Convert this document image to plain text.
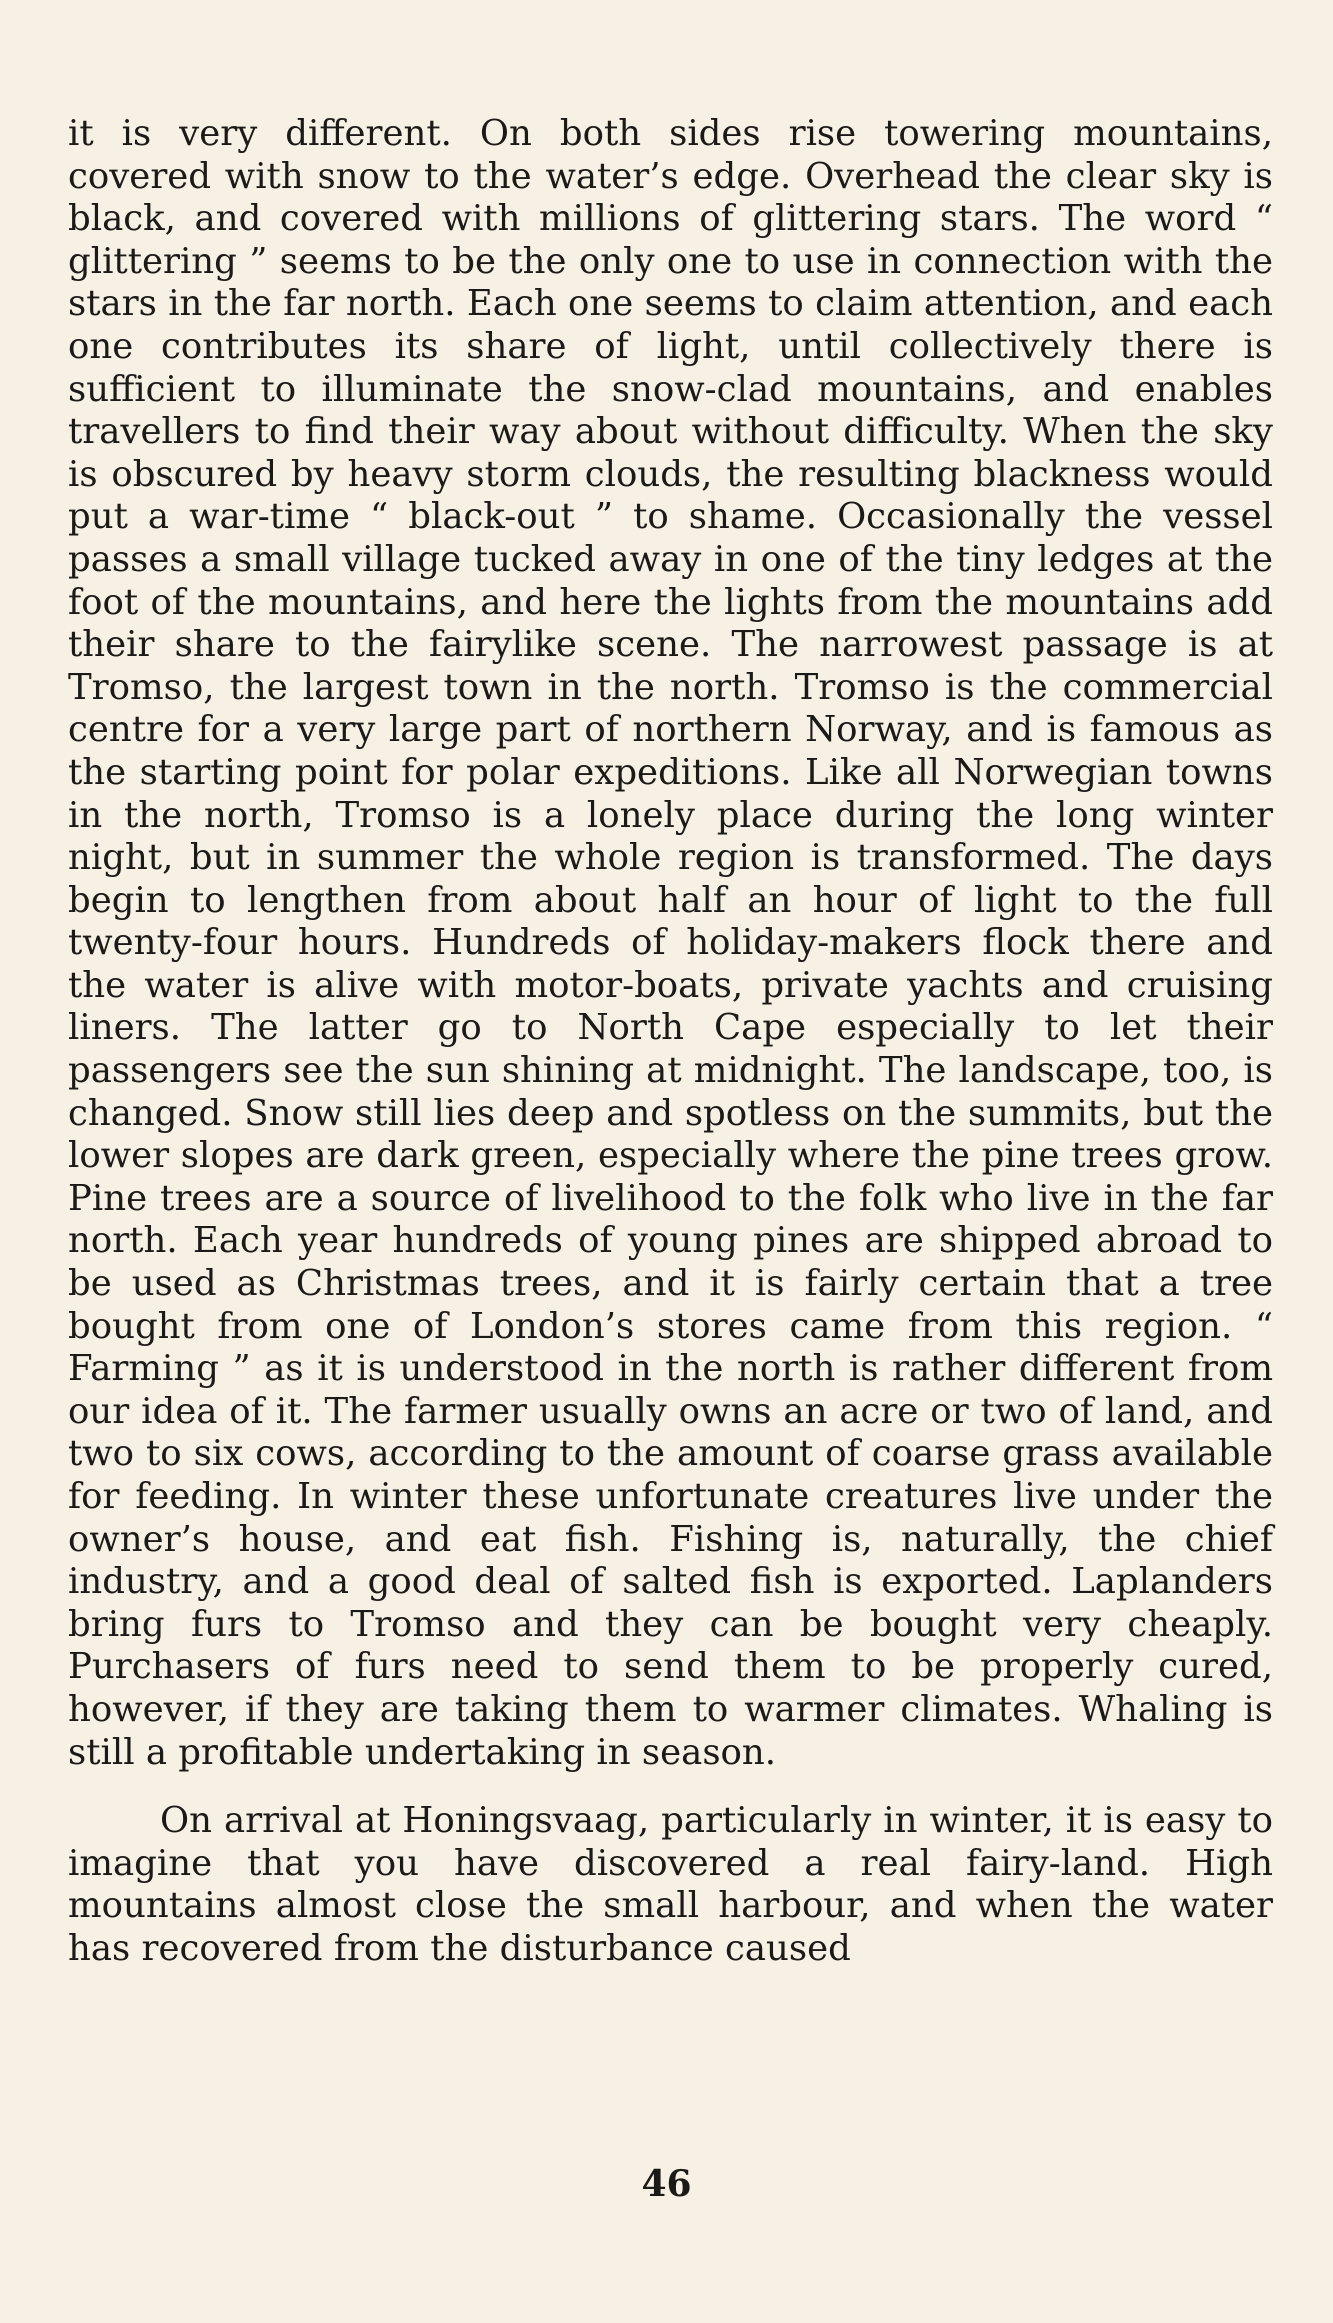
it is very different. On both sides rise towering mountains, covered with snow to the water’s edge. Overhead the clear sky is black, and covered with millions of glittering stars. The word “ glittering ” seems to be the only one to use in connection with the stars in the far north. Each one seems to claim attention, and each one contributes its share of light, until collectively there is sufficient to illuminate the snow-clad mountains, and enables travellers to find their way about without difficulty. When the sky is obscured by heavy storm clouds, the resulting blackness would put a war-time “ black-out ” to shame. Occasionally the vessel passes a small village tucked away in one of the tiny ledges at the foot of the mountains, and here the lights from the mountains add their share to the fairylike scene. The narrowest passage is at Tromso, the largest town in the north. Tromso is the commercial centre for a very large part of northern Norway, and is famous as the starting point for polar expeditions. Like all Norwegian towns in the north, Tromso is a lonely place during the long winter night, but in summer the whole region is transformed. The days begin to lengthen from about half an hour of light to the full twenty-four hours. Hundreds of holiday-makers flock there and the water is alive with motor-boats, private yachts and cruising liners. The latter go to North Cape especially to let their passengers see the sun shining at midnight. The landscape, too, is changed. Snow still lies deep and spotless on the summits, but the lower slopes are dark green, especially where the pine trees grow. Pine trees are a source of livelihood to the folk who live in the far north. Each year hundreds of young pines are shipped abroad to be used as Christmas trees, and it is fairly certain that a tree bought from one of London’s stores came from this region. “ Farming ” as it is understood in the north is rather different from our idea of it. The farmer usually owns an acre or two of land, and two to six cows, according to the amount of coarse grass available for feeding. In winter these unfortunate creatures live under the owner’s house, and eat fish. Fishing is, naturally, the chief industry, and a good deal of salted fish is exported. Laplanders bring furs to Tromso and they can be bought very cheaply. Purchasers of furs need to send them to be properly cured, however, if they are taking them to warmer climates. Whaling is still a profitable undertaking in season.

On arrival at Honingsvaag, particularly in winter, it is easy to imagine that you have discovered a real fairy-land. High mountains almost close the small harbour, and when the water has recovered from the disturbance caused

46
